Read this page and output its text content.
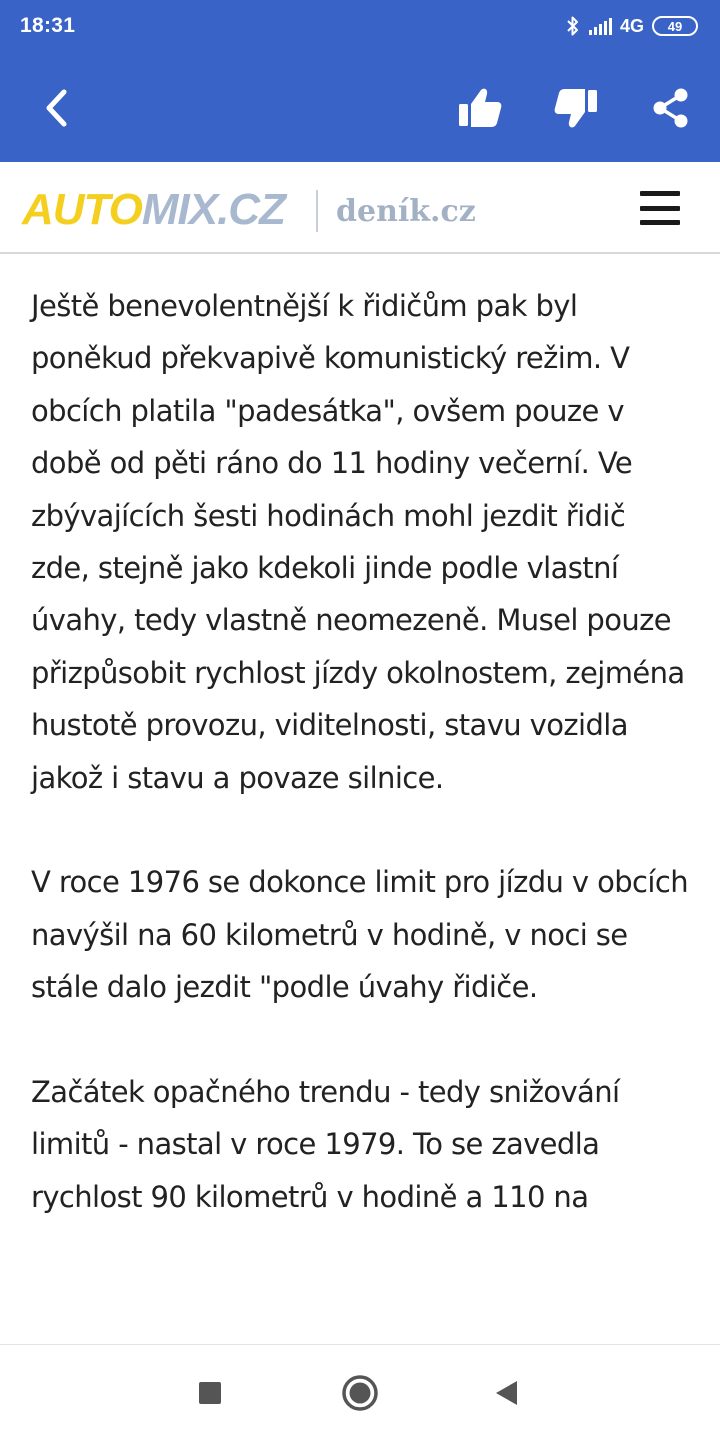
18:31	4G 49
AUTOMIX.CZ deník.cz

Ještě benevolentnější k řidičům pak byl poněkud překvapivě komunistický režim. V obcích platila "padesátka", ovšem pouze v době od pěti ráno do 11 hodiny večerní. Ve zbývajících šesti hodinách mohl jezdit řidič zde, stejně jako kdekoli jinde podle vlastní úvahy, tedy vlastně neomezeně. Musel pouze přizpůsobit rychlost jízdy okolnostem, zejména hustotě provozu, viditelnosti, stavu vozidla jakož i stavu a povaze silnice.

V roce 1976 se dokonce limit pro jízdu v obcích navýšil na 60 kilometrů v hodině, v noci se stále dalo jezdit "podle úvahy řidiče.

Začátek opačného trendu - tedy snižování limitů - nastal v roce 1979. To se zavedla rychlost 90 kilometrů v hodině a 110 na
